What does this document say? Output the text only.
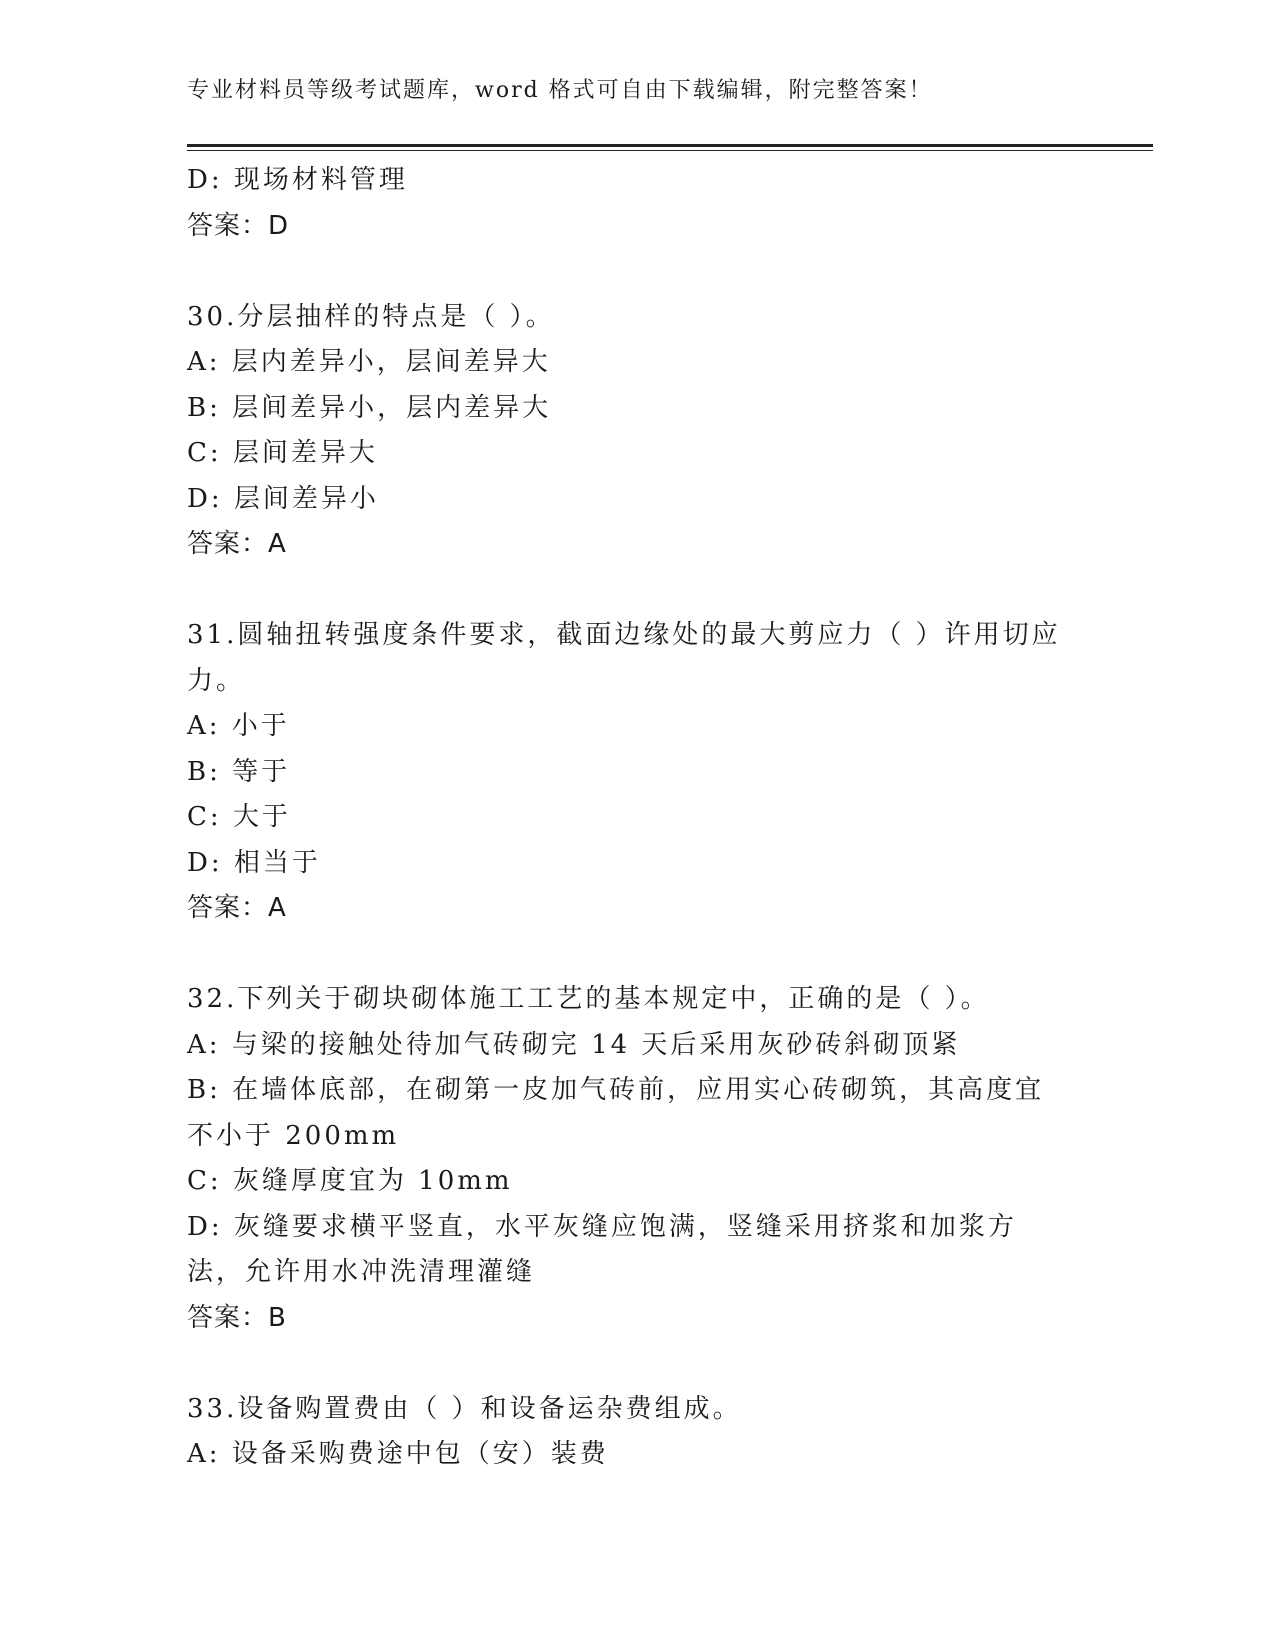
专业材料员等级考试题库，word 格式可自由下载编辑，附完整答案！
D: 现场材料管理
答案：D
30.分层抽样的特点是（ ）。
A: 层内差异小，层间差异大
B: 层间差异小，层内差异大
C: 层间差异大
D: 层间差异小
答案：A
31.圆轴扭转强度条件要求，截面边缘处的最大剪应力（ ）许用切应力。
A: 小于
B: 等于
C: 大于
D: 相当于
答案：A
32.下列关于砌块砌体施工工艺的基本规定中，正确的是（ ）。
A: 与梁的接触处待加气砖砌完 14 天后采用灰砂砖斜砌顶紧
B: 在墙体底部，在砌第一皮加气砖前，应用实心砖砌筑，其高度宜不小于 200mm
C: 灰缝厚度宜为 10mm
D: 灰缝要求横平竖直，水平灰缝应饱满，竖缝采用挤浆和加浆方法，允许用水冲洗清理灌缝
答案：B
33.设备购置费由（ ）和设备运杂费组成。
A: 设备采购费途中包（安）装费
